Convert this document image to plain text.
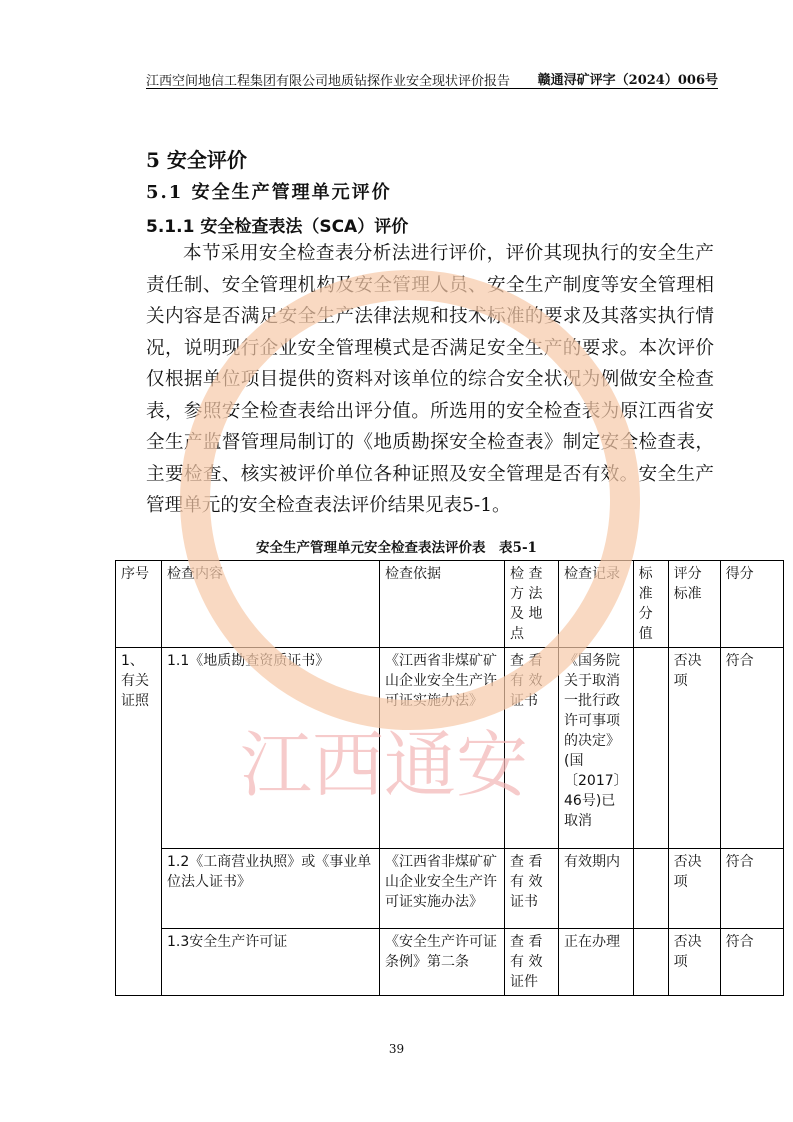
江西空间地信工程集团有限公司地质钻探作业安全现状评价报告 赣通浔矿评字（2024）006号
5 安全评价
5.1 安全生产管理单元评价
5.1.1 安全检查表法（SCA）评价
本节采用安全检查表分析法进行评价，评价其现执行的安全生产责任制、安全管理机构及安全管理人员、安全生产制度等安全管理相关内容是否满足安全生产法律法规和技术标准的要求及其落实执行情况，说明现行企业安全管理模式是否满足安全生产的要求。本次评价仅根据单位项目提供的资料对该单位的综合安全状况为例做安全检查表，参照安全检查表给出评分值。所选用的安全检查表为原江西省安全生产监督管理局制订的《地质勘探安全检查表》制定安全检查表，主要检查、核实被评价单位各种证照及安全管理是否有效。安全生产管理单元的安全检查表法评价结果见表5-1。
江西通安
安全生产管理单元安全检查表法评价表　表5-1
序号	检查内容	检查依据	检 查 方 法 及 地 点	检查记录	标准分值	评分标准	得分
1、有关证照	1.1《地质勘查资质证书》	《江西省非煤矿矿山企业安全生产许可证实施办法》	查 看 有 效 证书	《国务院关于取消一批行政许可事项的决定》(国〔2017〕46号)已取消		否决项	符合
	1.2《工商营业执照》或《事业单位法人证书》	《江西省非煤矿矿山企业安全生产许可证实施办法》	查 看 有 效 证书	有效期内		否决项	符合
	1.3安全生产许可证	《安全生产许可证条例》第二条	查 看 有 效 证件	正在办理		否决项	符合
39
